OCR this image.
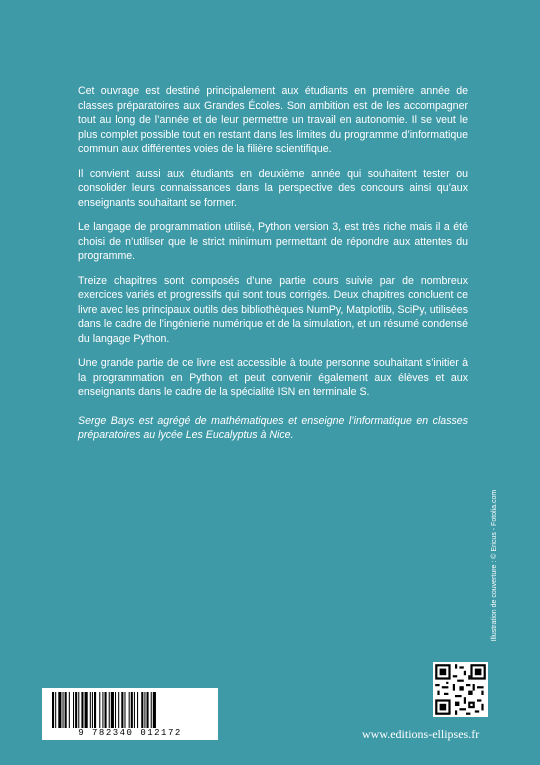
Cet ouvrage est destiné principalement aux étudiants en première année de classes préparatoires aux Grandes Écoles. Son ambition est de les accompagner tout au long de l’année et de leur permettre un travail en autonomie. Il se veut le plus complet possible tout en restant dans les limites du programme d’informatique commun aux différentes voies de la filière scientifique.

Il convient aussi aux étudiants en deuxième année qui souhaitent tester ou consolider leurs connaissances dans la perspective des concours ainsi qu’aux enseignants souhaitant se former.

Le langage de programmation utilisé, Python version 3, est très riche mais il a été choisi de n’utiliser que le strict minimum permettant de répondre aux attentes du programme.

Treize chapitres sont composés d’une partie cours suivie par de nombreux exercices variés et progressifs qui sont tous corrigés. Deux chapitres concluent ce livre avec les principaux outils des bibliothèques NumPy, Matplotlib, SciPy, utilisées dans le cadre de l’ingénierie numérique et de la simulation, et un résumé condensé du langage Python.

Une grande partie de ce livre est accessible à toute personne souhaitant s’initier à la programmation en Python et peut convenir également aux élèves et aux enseignants dans le cadre de la spécialité ISN en terminale S.

Serge Bays est agrégé de mathématiques et enseigne l’informatique en classes préparatoires au lycée Les Eucalyptus à Nice.

Illustration de couverture : © Ericus - Fotolia.com
9 782340 012172	www.editions-ellipses.fr
